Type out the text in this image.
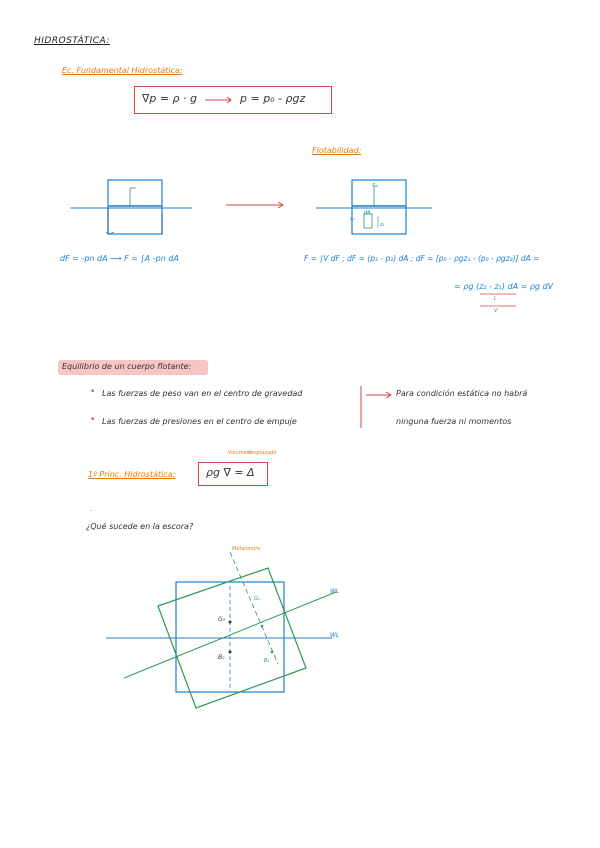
HIDROSTÁTICA:
Ec. Fundamental Hidrostática:
∇p = ρ · g	p = p₀ - ρgz
Flotabilidad:
z
dA
z₂
z₁
dF = -pn dA ⟶ F = ∫A -pn dA	F = ∫V dF ; dF = (p₁ - p₂) dA ; dF = [p₀ - ρgz₁ - (p₀ - ρgz₂)] dA =
= ρg (z₂ - z₁) dA = ρg dV
L
V
Equilibrio de un cuerpo flotante:
• Las fuerzas de peso van en el centro de gravedad
• Las fuerzas de presiones en el centro de empuje
Para condición estática no habrá
ninguna fuerza ni momentos
1º Princ. Hidrostática:
Volumen
desplazado
ρg ∇ = Δ
·
¿Qué sucede en la escora?
Metacentro
WL
WL
G₀
B₀
G₁
B₁
